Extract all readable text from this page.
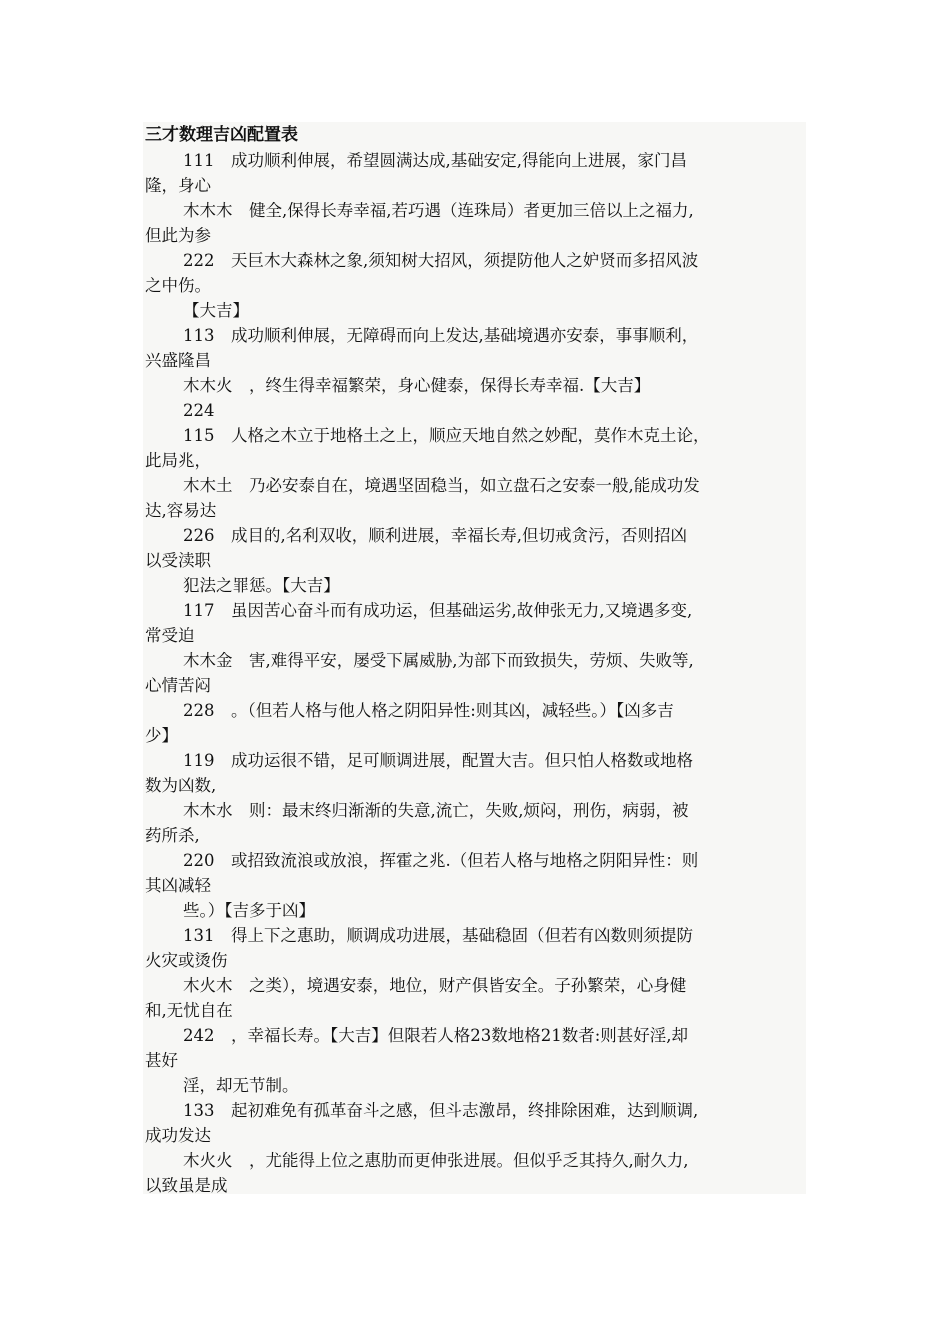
三才数理吉凶配置表
111　成功顺利伸展，希望圆满达成,基础安定,得能向上进展，家门昌
隆，身心
木木木　健全,保得长寿幸福,若巧遇（连珠局）者更加三倍以上之福力,
但此为参
222　天巨木大森林之象,须知树大招风，须提防他人之妒贤而多招风波
之中伤。
【大吉】
113　成功顺利伸展，无障碍而向上发达,基础境遇亦安泰，事事顺利，
兴盛隆昌
木木火　，终生得幸福繁荣，身心健泰，保得长寿幸福.【大吉】
224
115　人格之木立于地格土之上，顺应天地自然之妙配，莫作木克土论，
此局兆，
木木土　乃必安泰自在，境遇坚固稳当，如立盘石之安泰一般,能成功发
达,容易达
226　成目的,名利双收，顺利进展，幸福长寿,但切戒贪污，否则招凶
以受渎职
犯法之罪惩。【大吉】
117　虽因苦心奋斗而有成功运，但基础运劣,故伸张无力,又境遇多变,
常受迫
木木金　害,难得平安，屡受下属威胁,为部下而致损失，劳烦、失败等,
心情苦闷
228　。（但若人格与他人格之阴阳异性:则其凶，减轻些。）【凶多吉
少】
119　成功运很不错，足可顺调进展，配置大吉。但只怕人格数或地格
数为凶数,
木木水　则：最末终归渐渐的失意,流亡，失败,烦闷，刑伤，病弱，被
药所杀,
220　或招致流浪或放浪，挥霍之兆.（但若人格与地格之阴阳异性：则
其凶减轻
些。）【吉多于凶】
131　得上下之惠助，顺调成功进展，基础稳固（但若有凶数则须提防
火灾或烫伤
木火木　之类），境遇安泰，地位，财产俱皆安全。子孙繁荣，心身健
和,无忧自在
242　，幸福长寿。【大吉】但限若人格23数地格21数者:则甚好淫,却
甚好
淫，却无节制。
133　起初难免有孤革奋斗之感，但斗志激昂，终排除困难，达到顺调,
成功发达
木火火　，尤能得上位之惠肋而更伸张进展。但似乎乏其持久,耐久力,
以致虽是成
